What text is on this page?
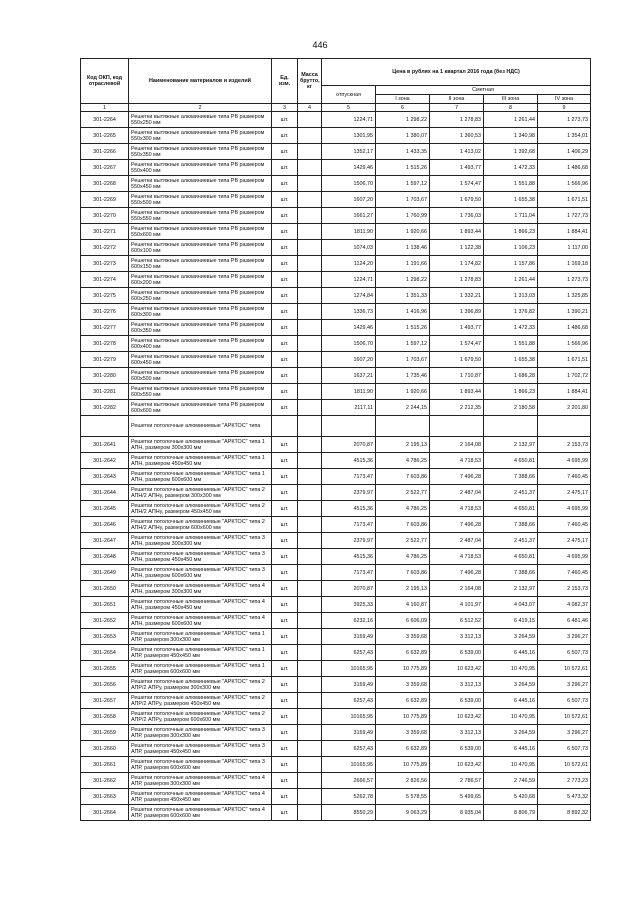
446
Код ОКП, код отраслевой	Наименование материалов и изделий	Ед. изм.	Масса брутто, кг	Цена в рублях на 1 квартал 2016 года (без НДС)				
				отпускная	Сметная			
					I зона	II зона	III зона	IV зона
1	2	3	4	5	6	7	8	9
301-2264	Решетки вытяжные алюминиевые типа РВ размером 550х250 мм	шт.		1224,71	1 298,22	1 278,83	1 261,44	1 273,73
301-2265	Решетки вытяжные алюминиевые типа РВ размером 550х300 мм	шт.		1301,95	1 380,07	1 360,53	1 340,98	1 354,01
301-2266	Решетки вытяжные алюминиевые типа РВ размером 550х350 мм	шт.		1352,17	1 433,35	1 413,02	1 392,68	1 406,29
301-2267	Решетки вытяжные алюминиевые типа РВ размером 550х400 мм	шт.		1429,46	1 515,26	1 493,77	1 472,33	1 486,68
301-2268	Решетки вытяжные алюминиевые типа РВ размером 550х450 мм	шт.		1506,70	1 597,12	1 574,47	1 551,88	1 566,96
301-2269	Решетки вытяжные алюминиевые типа РВ размером 550х500 мм	шт.		1607,20	1 703,67	1 679,50	1 655,38	1 671,51
301-2270	Решетки вытяжные алюминиевые типа РВ размером 550х550 мм	шт.		1661,27	1 760,99	1 736,03	1 711,04	1 727,73
301-2271	Решетки вытяжные алюминиевые типа РВ размером 550х600 мм	шт.		1811,90	1 920,66	1 893,44	1 866,23	1 884,41
301-2272	Решетки вытяжные алюминиевые типа РВ размером 600х100 мм	шт.		1074,03	1 138,46	1 122,38	1 106,23	1 117,00
301-2273	Решетки вытяжные алюминиевые типа РВ размером 600х150 мм	шт.		1124,20	1 191,66	1 174,82	1 157,86	1 169,18
301-2274	Решетки вытяжные алюминиевые типа РВ размером 600х200 мм	шт.		1224,71	1 298,22	1 278,83	1 261,44	1 273,73
301-2275	Решетки вытяжные алюминиевые типа РВ размером 600х250 мм	шт.		1274,84	1 351,33	1 332,21	1 313,03	1 325,85
301-2276	Решетки вытяжные алюминиевые типа РВ размером 600х300 мм	шт.		1336,73	1 416,96	1 396,89	1 376,82	1 390,21
301-2277	Решетки вытяжные алюминиевые типа РВ размером 600х350 мм	шт.		1429,46	1 515,26	1 493,77	1 472,33	1 486,68
301-2278	Решетки вытяжные алюминиевые типа РВ размером 600х400 мм	шт.		1506,70	1 597,12	1 574,47	1 551,88	1 566,96
301-2279	Решетки вытяжные алюминиевые типа РВ размером 600х450 мм	шт.		1607,20	1 703,67	1 679,50	1 655,38	1 671,51
301-2280	Решетки вытяжные алюминиевые типа РВ размером 600х500 мм	шт.		1637,21	1 735,46	1 710,87	1 686,28	1 702,72
301-2281	Решетки вытяжные алюминиевые типа РВ размером 600х550 мм	шт.		1811,90	1 920,66	1 893,44	1 866,23	1 884,41
301-2282	Решетки вытяжные алюминиевые типа РВ размером 600х600 мм	шт.		2117,11	2 244,15	2 212,35	2 180,58	2 201,80
	Решетки потолочные алюминиевые "АРКТОС" типа							
301-2641	Решетки потолочные алюминиевые "АРКТОС" типа 1 АПН, размером 300х300 мм	шт.		2070,87	2 195,13	2 164,08	2 132,97	2 153,73
301-2642	Решетки потолочные алюминиевые "АРКТОС" типа 1 АПН, размером 450х450 мм	шт.		4515,36	4 786,25	4 718,53	4 650,81	4 695,99
301-2643	Решетки потолочные алюминиевые "АРКТОС" типа 1 АПН, размером 600х600 мм	шт.		7173,47	7 603,86	7 496,28	7 388,66	7 460,45
301-2644	Решетки потолочные алюминиевые "АРКТОС" типа 2 АПН/2 АПНу, размером 300х300 мм	шт.		2379,97	2 522,77	2 487,04	2 451,37	2 475,17
301-2645	Решетки потолочные алюминиевые "АРКТОС" типа 2 АПН/2 АПНу, размером 450х450 мм	шт.		4515,36	4 786,25	4 718,53	4 650,81	4 695,99
301-2646	Решетки потолочные алюминиевые "АРКТОС" типа 2 АПН/2 АПНу, размером 600х600 мм	шт.		7173,47	7 603,86	7 496,28	7 388,66	7 460,45
301-2647	Решетки потолочные алюминиевые "АРКТОС" типа 3 АПН, размером 300х300 мм	шт.		2379,97	2 522,77	2 487,04	2 451,37	2 475,17
301-2648	Решетки потолочные алюминиевые "АРКТОС" типа 3 АПН, размером 450х450 мм	шт.		4515,36	4 786,25	4 718,53	4 650,81	4 695,99
301-2649	Решетки потолочные алюминиевые "АРКТОС" типа 3 АПН, размером 600х600 мм	шт.		7173,47	7 603,86	7 496,28	7 388,66	7 460,45
301-2650	Решетки потолочные алюминиевые "АРКТОС" типа 4 АПН, размером 300х300 мм	шт.		2070,87	2 195,13	2 164,08	2 132,97	2 153,73
301-2651	Решетки потолочные алюминиевые "АРКТОС" типа 4 АПН, размером 450х450 мм	шт.		3925,33	4 160,87	4 101,97	4 043,07	4 082,37
301-2652	Решетки потолочные алюминиевые "АРКТОС" типа 4 АПН, размером 600х600 мм	шт.		6232,16	6 606,09	6 512,52	6 419,15	6 481,46
301-2653	Решетки потолочные алюминиевые "АРКТОС" типа 1 АПР, размером 300х300 мм	шт.		3169,49	3 359,68	3 312,13	3 264,59	3 296,27
301-2654	Решетки потолочные алюминиевые "АРКТОС" типа 1 АПР, размером 450х450 мм	шт.		6257,43	6 632,89	6 539,00	6 445,16	6 507,73
301-2655	Решетки потолочные алюминиевые "АРКТОС" типа 1 АПР, размером 600х600 мм	шт.		10165,95	10 775,89	10 623,42	10 470,95	10 572,61
301-2656	Решетки потолочные алюминиевые "АРКТОС" типа 2 АПР/2 АПРу, размером 300х300 мм	шт.		3169,49	3 359,68	3 312,13	3 264,59	3 296,27
301-2657	Решетки потолочные алюминиевые "АРКТОС" типа 2 АПР/2 АПРу, размером 450х450 мм	шт.		6257,43	6 632,89	6 539,00	6 445,16	6 507,73
301-2658	Решетки потолочные алюминиевые "АРКТОС" типа 2 АПР/2 АПРу, размером 600х600 мм	шт.		10165,95	10 775,89	10 623,42	10 470,95	10 572,61
301-2659	Решетки потолочные алюминиевые "АРКТОС" типа 3 АПР, размером 300х300 мм	шт.		3169,49	3 359,68	3 312,13	3 264,59	3 296,27
301-2660	Решетки потолочные алюминиевые "АРКТОС" типа 3 АПР, размером 450х450 мм	шт.		6257,43	6 632,89	6 539,00	6 445,16	6 507,73
301-2661	Решетки потолочные алюминиевые "АРКТОС" типа 3 АПР, размером 600х600 мм	шт.		10165,95	10 775,89	10 623,42	10 470,95	10 572,61
301-2662	Решетки потолочные алюминиевые "АРКТОС" типа 4 АПР, размером 300х300 мм	шт.		2666,57	2 826,56	2 786,57	2 746,59	2 773,23
301-2663	Решетки потолочные алюминиевые "АРКТОС" типа 4 АПР, размером 450х450 мм	шт.		5262,78	5 578,55	5 499,65	5 420,68	5 473,32
301-2664	Решетки потолочные алюминиевые "АРКТОС" типа 4 АПР, размером 600х600 мм	шт.		8550,29	9 063,29	8 935,04	8 806,79	8 892,32
